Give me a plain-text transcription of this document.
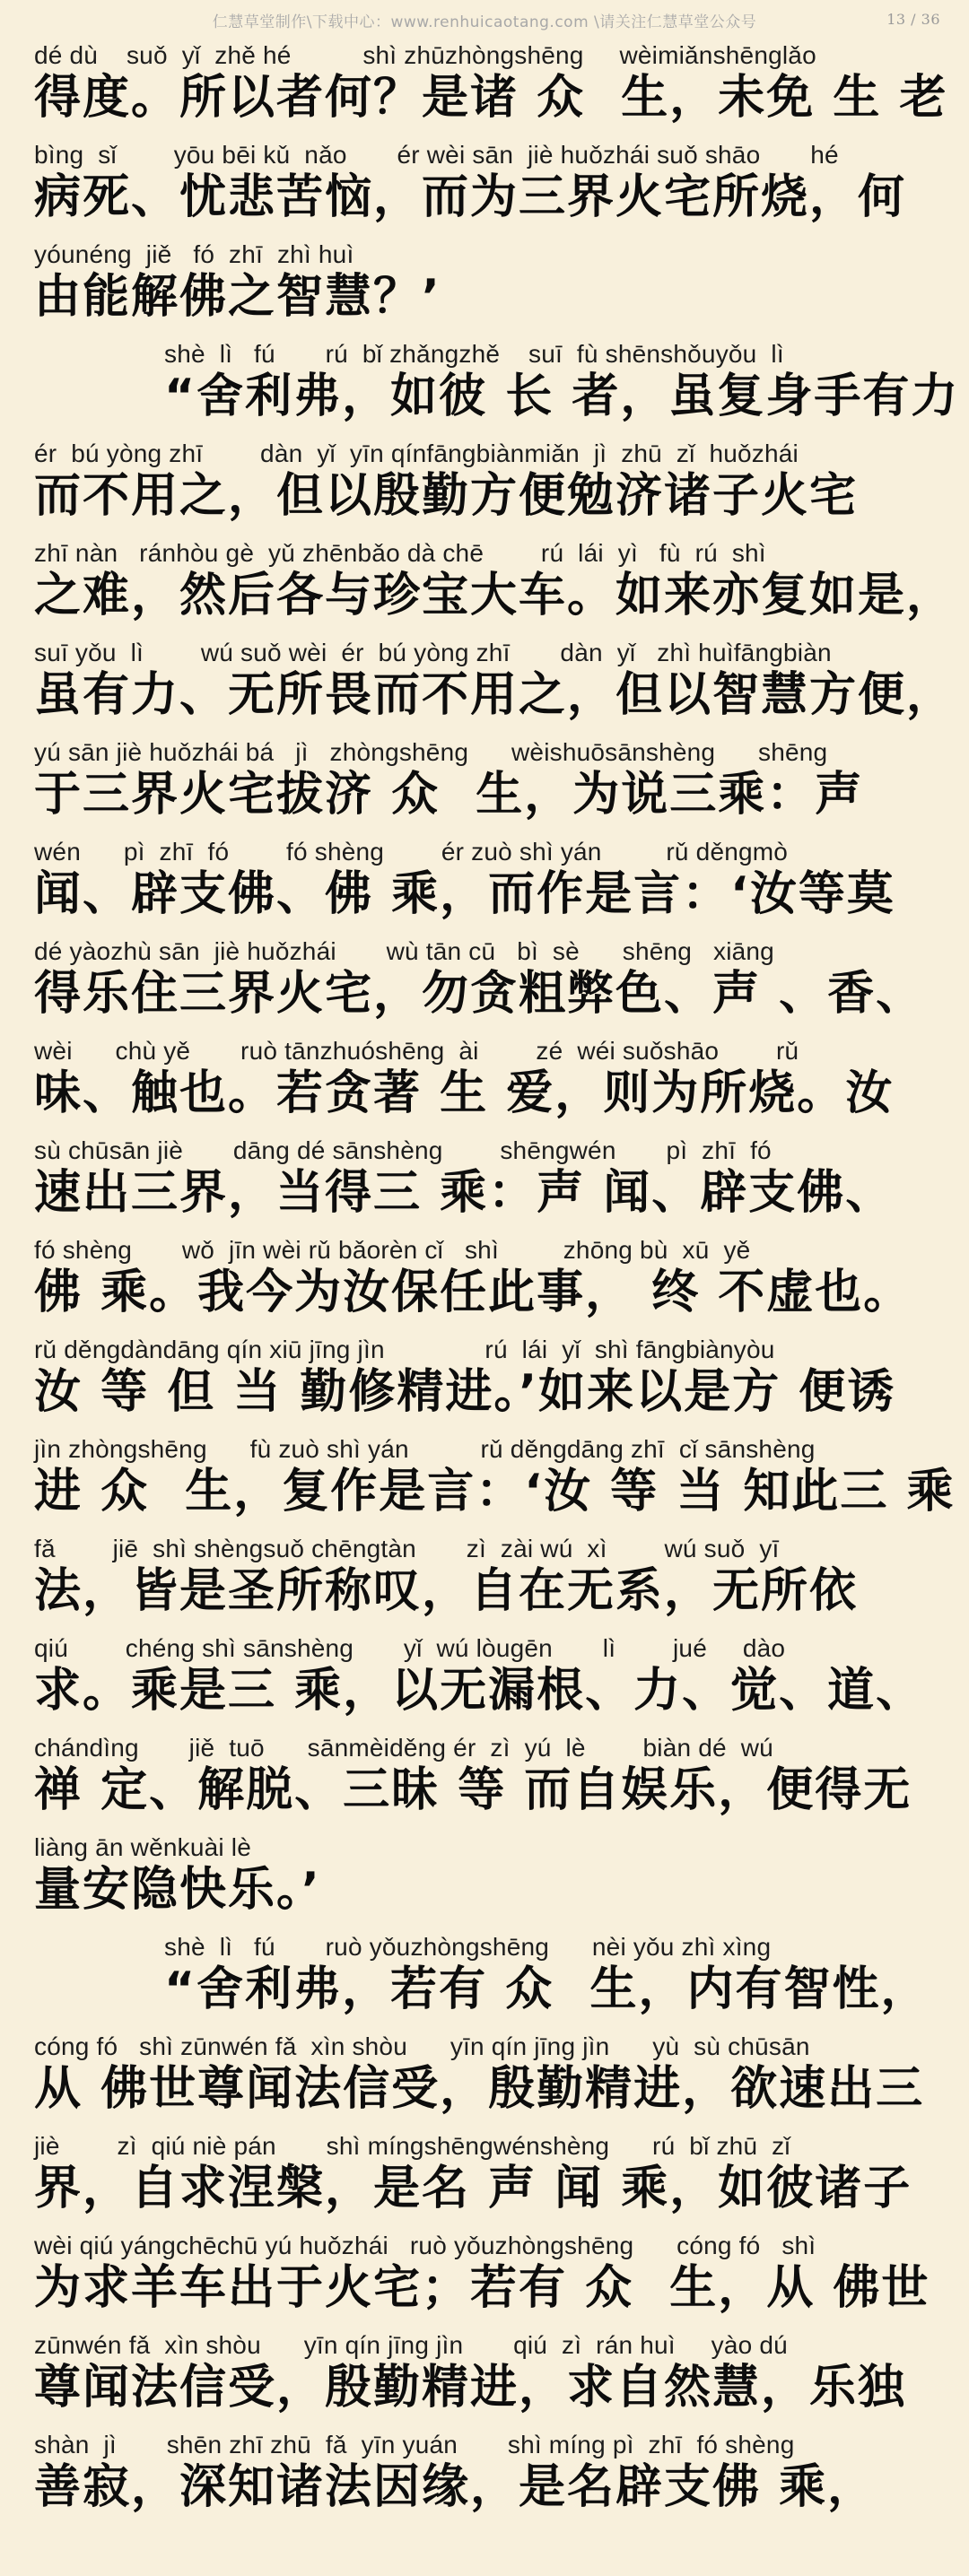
仁慧草堂制作\下载中心：www.renhuicaotang.com \请关注仁慧草堂公众号	13 / 36
dé dù    suǒ  yǐ  zhě hé          shì zhūzhòngshēng     wèimiǎnshēnglǎo
得度。所以者何？是诸 众  生，未免 生 老
bìng  sǐ        yōu bēi kǔ  nǎo       ér wèi sān  jiè huǒzhái suǒ shāo       hé
病死、忧悲苦恼，而为三界火宅所烧，何
yóunéng  jiě   fó  zhī  zhì huì
由能解佛之智慧？’
shè  lì   fú       rú  bǐ zhǎngzhě    suī  fù shēnshǒuyǒu  lì
“舍利弗，如彼 长 者，虽复身手有力
ér  bú yòng zhī        dàn  yǐ  yīn qínfāngbiànmiǎn  jì  zhū  zǐ  huǒzhái
而不用之，但以殷勤方便勉济诸子火宅
zhī nàn   ránhòu gè  yǔ zhēnbǎo dà chē        rú  lái  yì   fù  rú  shì
之难，然后各与珍宝大车。如来亦复如是，
suī yǒu  lì        wú suǒ wèi  ér  bú yòng zhī       dàn  yǐ   zhì huìfāngbiàn
虽有力、无所畏而不用之，但以智慧方便，
yú sān jiè huǒzhái bá   jì   zhòngshēng      wèishuōsānshèng      shēng
于三界火宅拔济 众  生，为说三乘：声
wén      pì  zhī  fó        fó shèng        ér zuò shì yán         rǔ děngmò
闻、辟支佛、佛 乘，而作是言：‘汝等莫
dé yàozhù sān  jiè huǒzhái       wù tān cū   bì  sè      shēng   xiāng
得乐住三界火宅，勿贪粗弊色、声 、香、
wèi      chù yě       ruò tānzhuóshēng  ài        zé  wéi suǒshāo        rǔ
味、触也。若贪著 生 爱，则为所烧。汝
sù chūsān jiè       dāng dé sānshèng        shēngwén       pì  zhī  fó
速出三界，当得三 乘：声 闻、辟支佛、
fó shèng       wǒ  jīn wèi rǔ bǎorèn cǐ   shì         zhōng bù  xū  yě
佛 乘。我今为汝保任此事， 终 不虚也。
rǔ děngdàndāng qín xiū jīng jìn              rú  lái  yǐ  shì fāngbiànyòu
汝 等 但 当 勤修精进。’如来以是方 便诱
jìn zhòngshēng      fù zuò shì yán          rǔ děngdāng zhī  cǐ sānshèng
进 众  生，复作是言：‘汝 等 当 知此三 乘
fǎ        jiē  shì shèngsuǒ chēngtàn       zì  zài wú  xì        wú suǒ  yī
法，皆是圣所称叹，自在无系，无所依
qiú        chéng shì sānshèng       yǐ  wú lòugēn       lì        jué     dào
求。乘是三 乘，以无漏根、力、觉、道、
chándìng       jiě  tuō      sānmèiděng ér  zì  yú  lè        biàn dé  wú
禅 定、解脱、三昧 等 而自娱乐，便得无
liàng ān wěnkuài lè
量安隐快乐。’
shè  lì   fú       ruò yǒuzhòngshēng      nèi yǒu zhì xìng
“舍利弗，若有 众  生，内有智性，
cóng fó   shì zūnwén fǎ  xìn shòu      yīn qín jīng jìn      yù  sù chūsān
从 佛世尊闻法信受，殷勤精进，欲速出三
jiè        zì  qiú niè pán       shì míngshēngwénshèng      rú  bǐ zhū  zǐ
界，自求涅槃，是名 声 闻 乘，如彼诸子
wèi qiú yángchēchū yú huǒzhái   ruò yǒuzhòngshēng      cóng fó   shì
为求羊车出于火宅；若有 众  生，从 佛世
zūnwén fǎ  xìn shòu      yīn qín jīng jìn       qiú  zì  rán huì     yào dú
尊闻法信受，殷勤精进，求自然慧，乐独
shàn  jì       shēn zhī zhū  fǎ  yīn yuán       shì míng pì  zhī  fó shèng
善寂，深知诸法因缘，是名辟支佛 乘，
